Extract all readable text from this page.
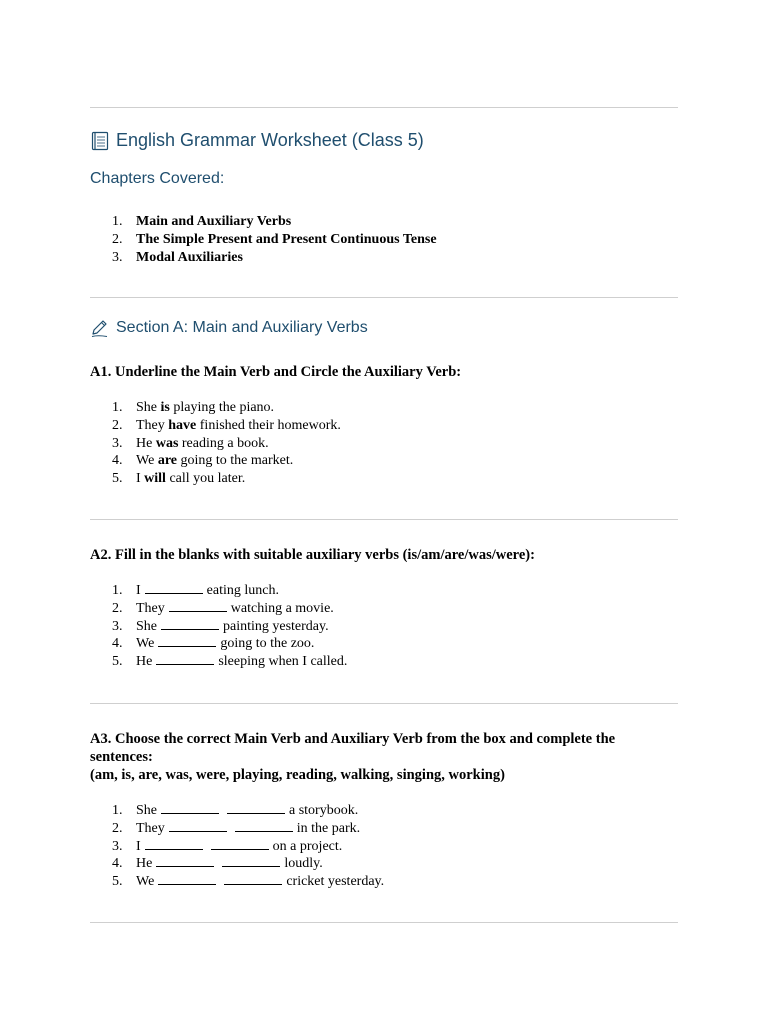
English Grammar Worksheet (Class 5)
Chapters Covered:
1. Main and Auxiliary Verbs
2. The Simple Present and Present Continuous Tense
3. Modal Auxiliaries
Section A: Main and Auxiliary Verbs
A1. Underline the Main Verb and Circle the Auxiliary Verb:
1. She is playing the piano.
2. They have finished their homework.
3. He was reading a book.
4. We are going to the market.
5. I will call you later.
A2. Fill in the blanks with suitable auxiliary verbs (is/am/are/was/were):
1. I	eating lunch.
2. They	watching a movie.
3. She	painting yesterday.
4. We	going to the zoo.
5. He	sleeping when I called.
A3. Choose the correct Main Verb and Auxiliary Verb from the box and complete the sentences:
(am, is, are, was, were, playing, reading, walking, singing, working)
1. She	a storybook.
2. They	in the park.
3. I	on a project.
4. He	loudly.
5. We	cricket yesterday.
